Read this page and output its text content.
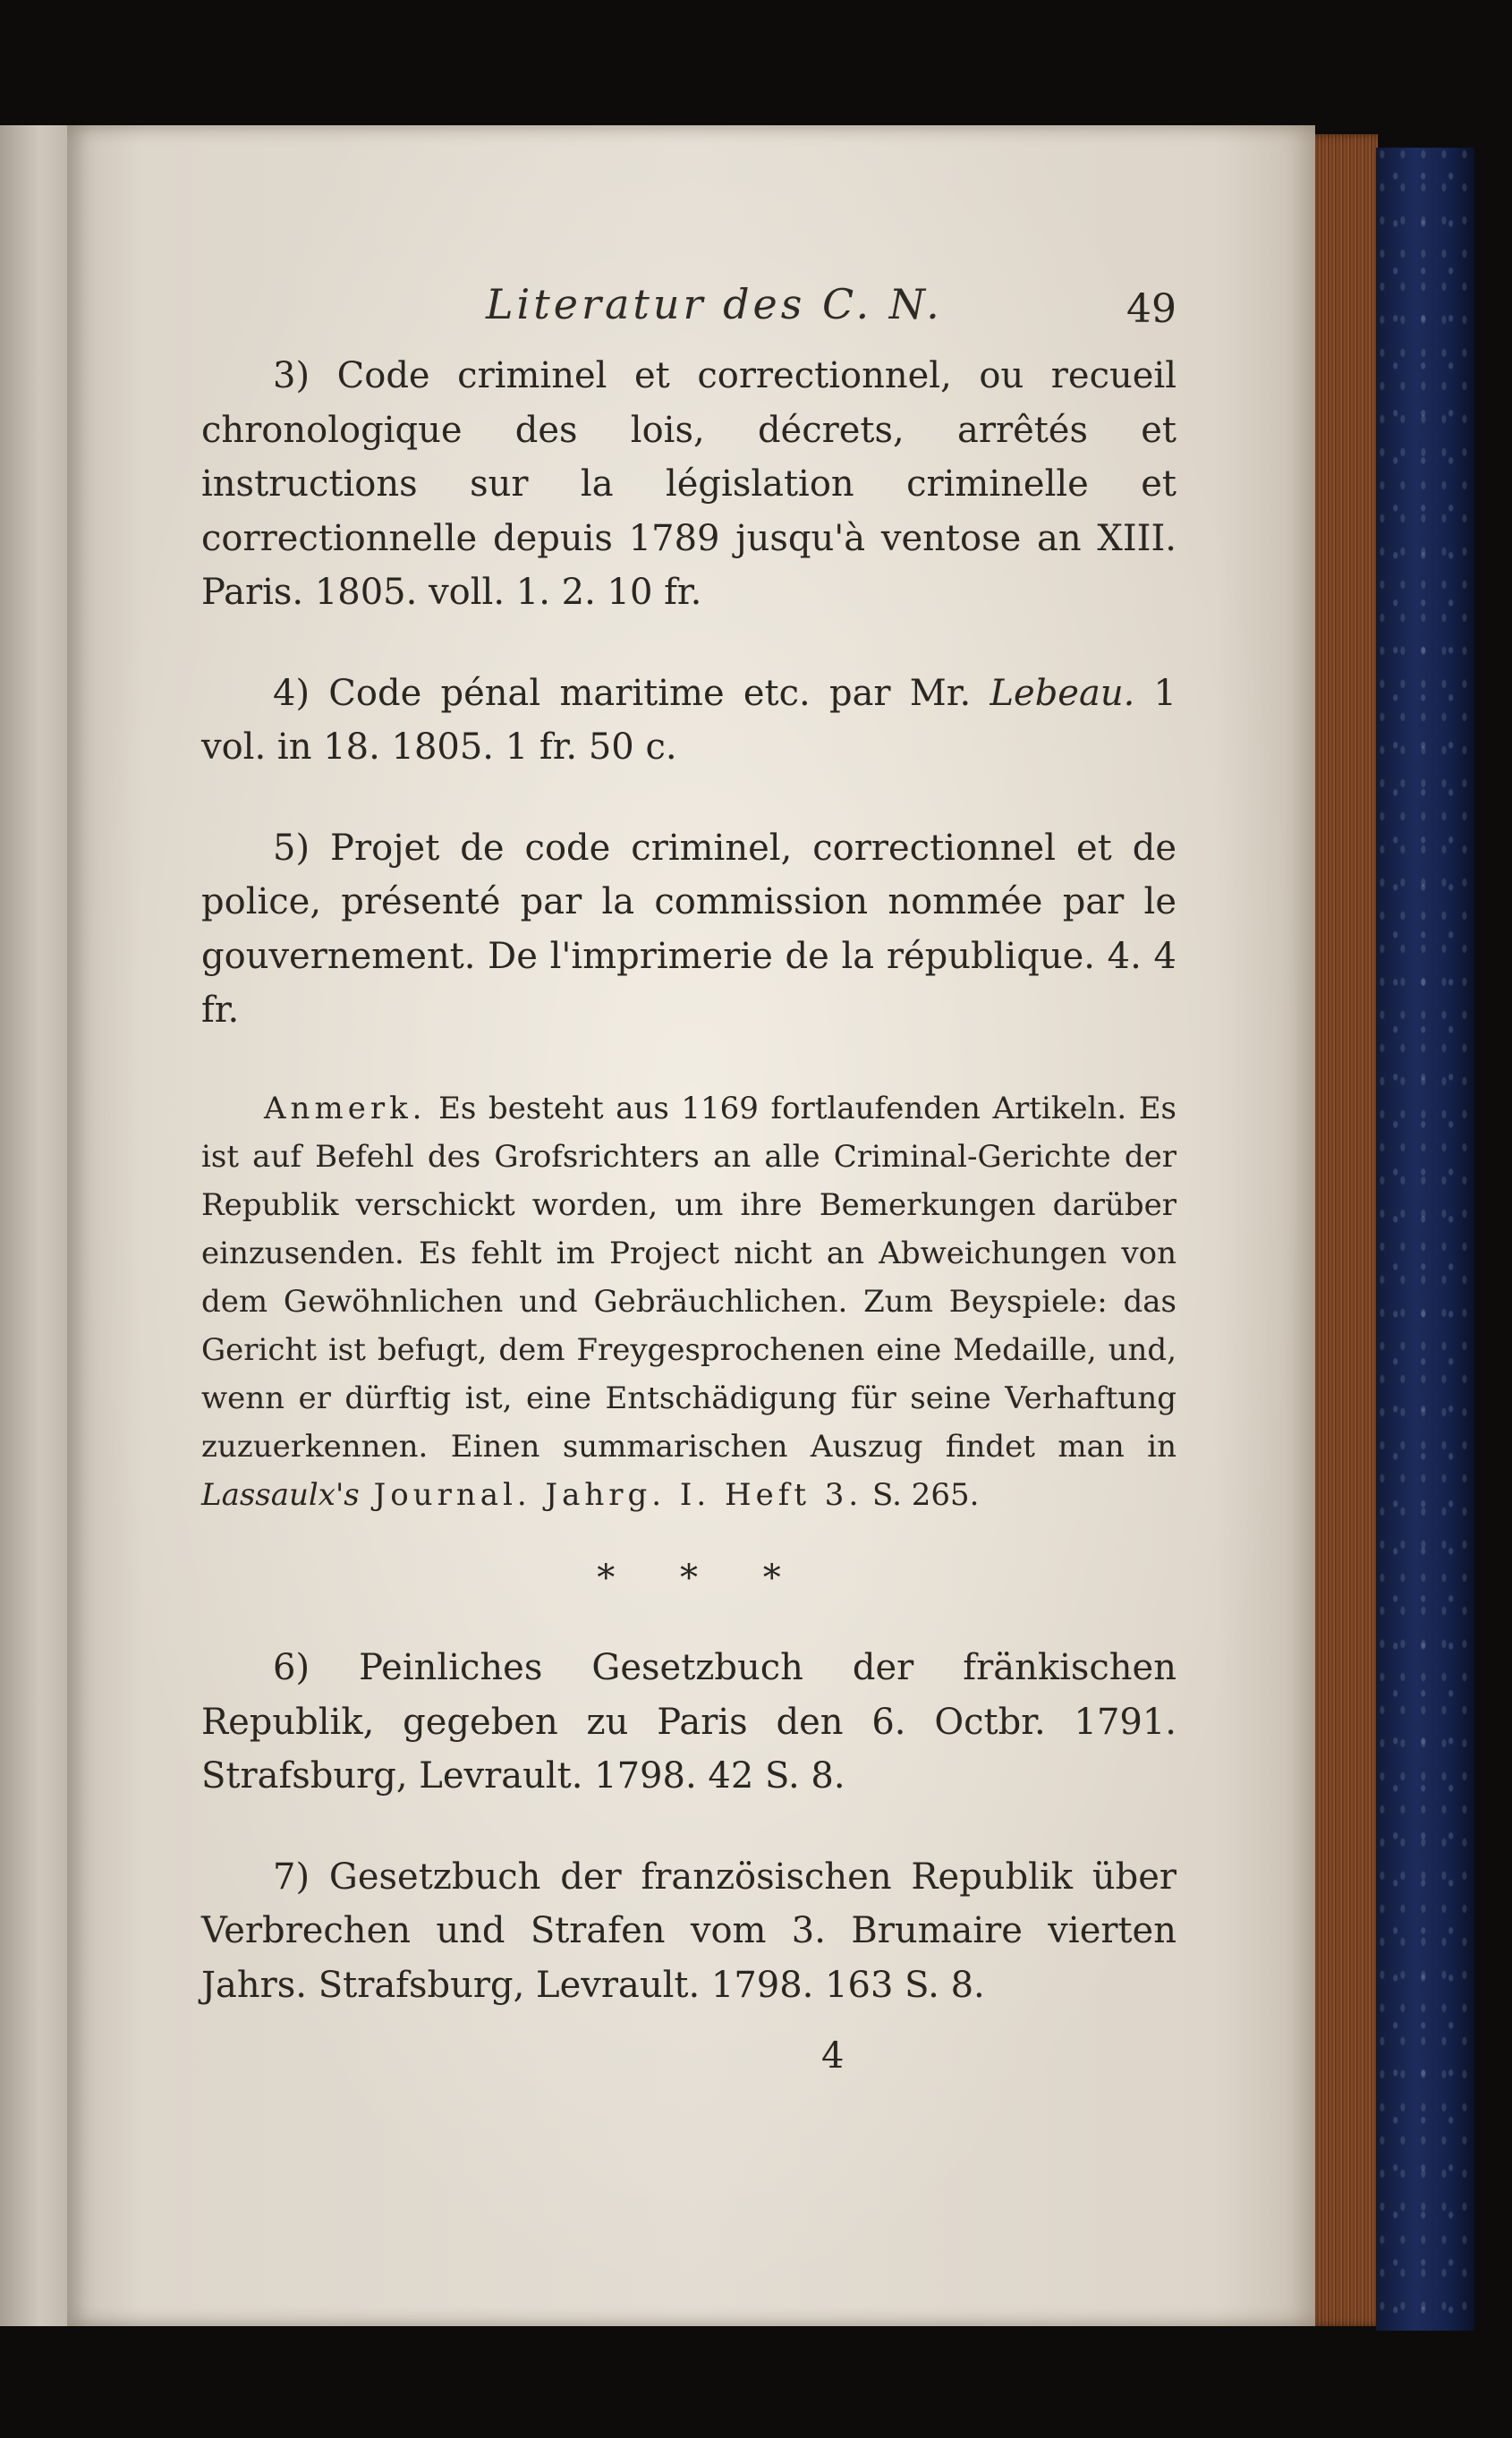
Literatur des C. N.	49

3) Code criminel et correctionnel, ou recueil chronologique des lois, décrets, arrêtés et instructions sur la législation criminelle et correctionnelle depuis 1789 jusqu'à ventose an XIII. Paris. 1805. voll. 1. 2. 10 fr.

4) Code pénal maritime etc. par Mr. Lebeau. 1 vol. in 18. 1805. 1 fr. 50 c.

5) Projet de code criminel, correctionnel et de police, présenté par la commission nommée par le gouvernement. De l'imprimerie de la république. 4. 4 fr.

Anmerk. Es besteht aus 1169 fortlaufenden Artikeln. Es ist auf Befehl des Grofsrichters an alle Criminal-Gerichte der Republik verschickt worden, um ihre Bemerkungen darüber einzusenden. Es fehlt im Project nicht an Abweichungen von dem Gewöhnlichen und Gebräuchlichen. Zum Beyspiele: das Gericht ist befugt, dem Freygesprochenen eine Medaille, und, wenn er dürftig ist, eine Entschädigung für seine Verhaftung zuzuerkennen. Einen summarischen Auszug findet man in Lassaulx's Journal. Jahrg. I. Heft 3. S. 265.

* * *

6) Peinliches Gesetzbuch der fränkischen Republik, gegeben zu Paris den 6. Octbr. 1791. Strafsburg, Levrault. 1798. 42 S. 8.

7) Gesetzbuch der französischen Republik über Verbrechen und Strafen vom 3. Brumaire vierten Jahrs. Strafsburg, Levrault. 1798. 163 S. 8.

4
